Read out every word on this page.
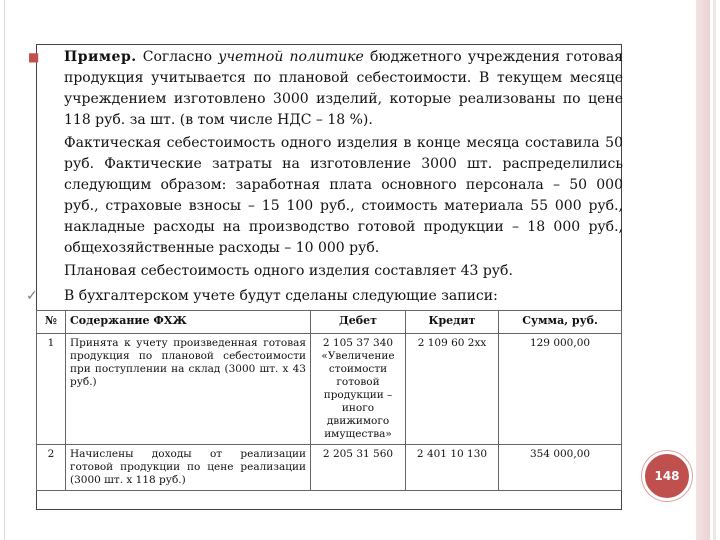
■ Пример. Согласно учетной политике бюджетного учреждения готовая продукция учитывается по плановой себестоимости. В текущем месяце учреждением изготовлено 3000 изделий, которые реализованы по цене 118 руб. за шт. (в том числе НДС – 18 %).
Фактическая себестоимость одного изделия в конце месяца составила 50 руб. Фактические затраты на изготовление 3000 шт. распределились следующим образом: заработная плата основного персонала – 50 000 руб., страховые взносы – 15 100 руб., стоимость материала 55 000 руб., накладные расходы на производство готовой продукции – 18 000 руб., общехозяйственные расходы – 10 000 руб.
Плановая себестоимость одного изделия составляет 43 руб.
✓ В бухгалтерском учете будут сделаны следующие записи:
№	Содержание ФХЖ	Дебет	Кредит	Сумма, руб.
1	Принята к учету произведенная готовая продукция по плановой себестоимости при поступлении на склад (3000 шт. х 43 руб.)	2 105 37 340 «Увеличение стоимости готовой продукции – иного движимого имущества»	2 109 60 2хх	129 000,00
2	Начислены доходы от реализации готовой продукции по цене реализации (3000 шт. х 118 руб.)	2 205 31 560	2 401 10 130	354 000,00
148
